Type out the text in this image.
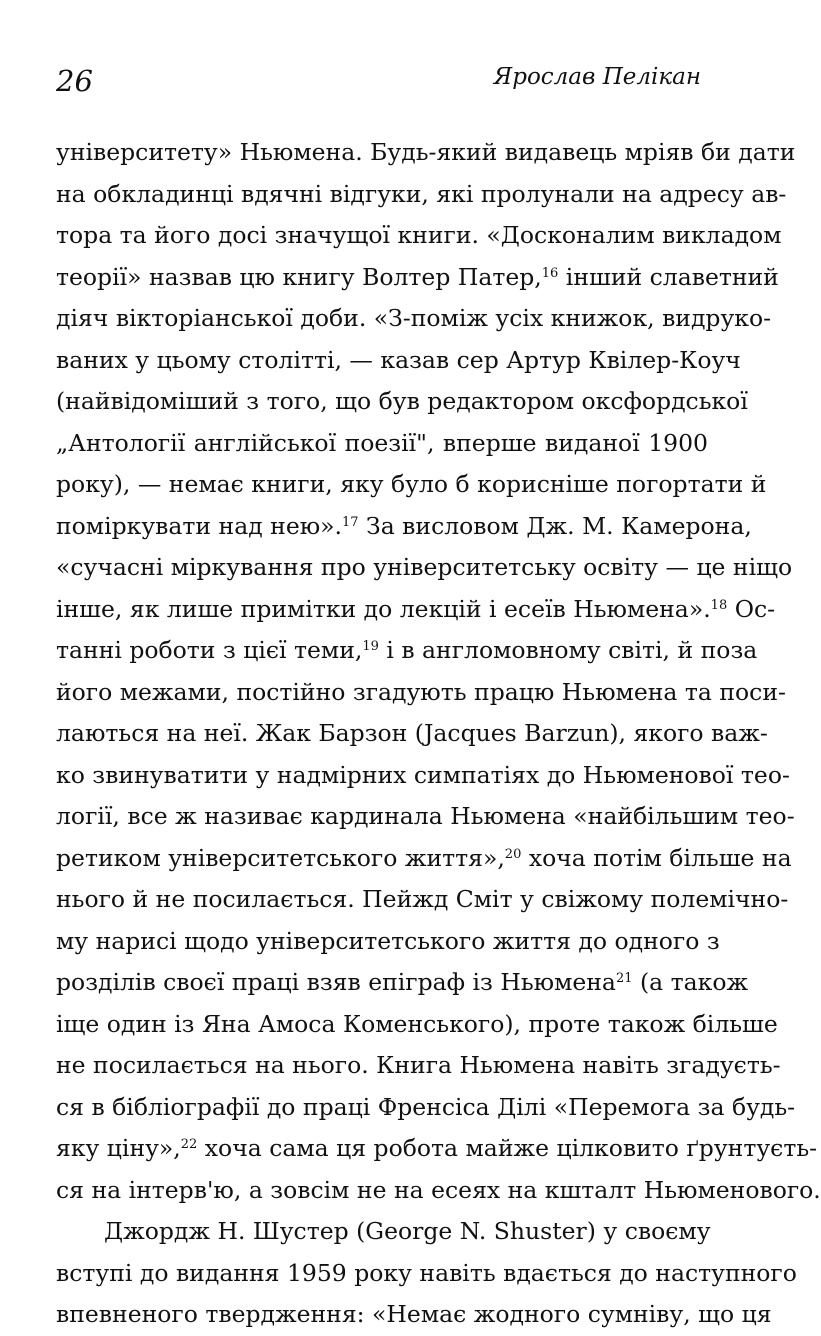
26	Ярослав Пелікан
університету» Ньюмена. Будь-який видавець мріяв би дати
на обкладинці вдячні відгуки, які пролунали на адресу ав-
тора та його досі значущої книги. «Досконалим викладом
теорії» назвав цю книгу Волтер Патер,$^{16}$ інший славетний
діяч вікторіанської доби. «З-поміж усіх книжок, видруко-
ваних у цьому столітті, — казав сер Артур Квілер-Коуч
(найвідоміший з того, що був редактором оксфордської
„Антології англійської поезії", вперше виданої 1900
року), — немає книги, яку було б корисніше погортати й
поміркувати над нею».$^{17}$ За висловом Дж. М. Камерона,
«сучасні міркування про університетську освіту — це ніщо
інше, як лише примітки до лекцій і есеїв Ньюмена».$^{18}$ Ос-
танні роботи з цієї теми,$^{19}$ і в англомовному світі, й поза
його межами, постійно згадують працю Ньюмена та поси-
лаються на неї. Жак Барзон (Jacques Barzun), якого важ-
ко звинуватити у надмірних симпатіях до Ньюменової тео-
логії, все ж називає кардинала Ньюмена «найбільшим тео-
ретиком університетського життя»,$^{20}$ хоча потім більше на
нього й не посилається. Пейжд Сміт у свіжому полемічно-
му нарисі щодо університетського життя до одного з
розділів своєї праці взяв епіграф із Ньюмена$^{21}$ (а також
іще один із Яна Амоса Коменського), проте також більше
не посилається на нього. Книга Ньюмена навіть згадуєть-
ся в бібліографії до праці Френсіса Ділі «Перемога за будь-
яку ціну»,$^{22}$ хоча сама ця робота майже цілковито ґрунтуєть-
ся на інтерв'ю, а зовсім не на есеях на кшталт Ньюменового.
Джордж Н. Шустер (George N. Shuster) у своєму
вступі до видання 1959 року навіть вдається до наступного
впевненого твердження: «Немає жодного сумніву, що ця
